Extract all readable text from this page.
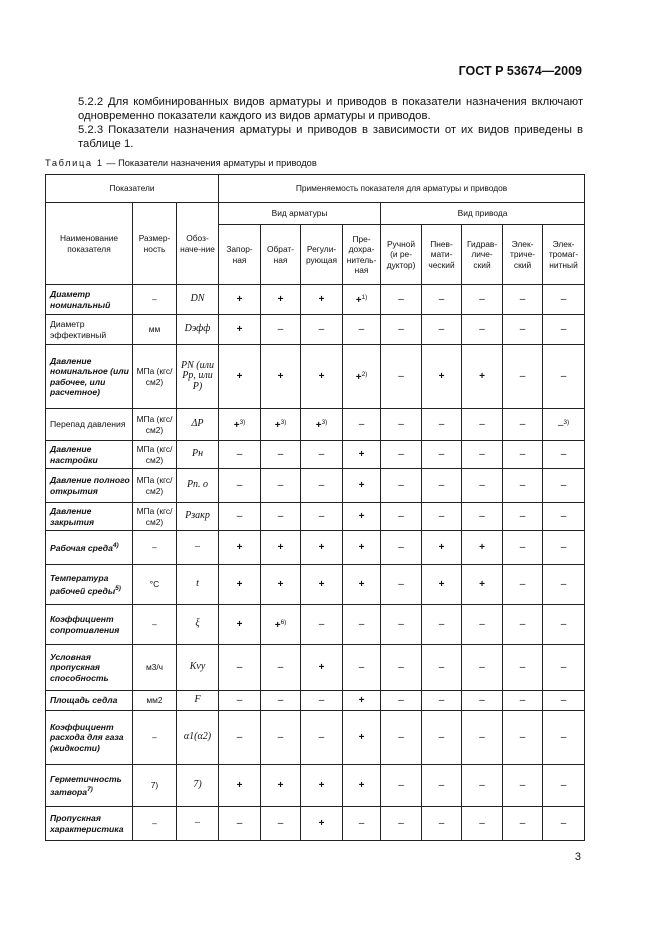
ГОСТ Р 53674—2009
5.2.2 Для комбинированных видов арматуры и приводов в показатели назначения включают одновременно показатели каждого из видов арматуры и приводов.
5.2.3 Показатели назначения арматуры и приводов в зависимости от их видов приведены в таблице 1.
Таблица 1 — Показатели назначения арматуры и приводов
Показатели			Применяемость показателя для арматуры и приводов								
Наименование показателя	Размер-ность	Обоз-наче-ние	Вид арматуры				Вид привода				
			Запор-ная	Обрат-ная	Регули-рующая	Пре-дохра-нитель-ная	Ручной (и ре-дуктор)	Пнев-мати-ческий	Гидрав-личе-ский	Элек-триче-ский	Элек-тромаг-нитный
Диаметр номинальный	–	DN	+	+	+	+$^{1)}$	–	–	–	–	–
Диаметр эффективный	мм	Dэфф	+	–	–	–	–	–	–	–	–
Давление номинальное (или рабочее, или расчетное)	МПа (кгс/см2)	PN (или Pр, или P)	+	+	+	+$^{2)}$	–	+	+	–	–
Перепад давления	МПа (кгс/см2)	ΔP	+$^{3)}$	+$^{3)}$	+$^{3)}$	–	–	–	–	–	–$^{3)}$
Давление настройки	МПа (кгс/см2)	Pн	–	–	–	+	–	–	–	–	–
Давление полного открытия	МПа (кгс/см2)	Pп. о	–	–	–	+	–	–	–	–	–
Давление закрытия	МПа (кгс/см2)	Pзакр	–	–	–	+	–	–	–	–	–
Рабочая среда$^{4)}$	–	–	+	+	+	+	–	+	+	–	–
Температура рабочей среды$^{5)}$	°С	t	+	+	+	+	–	+	+	–	–
Коэффициент сопротивления	–	ξ	+	+$^{6)}$	–	–	–	–	–	–	–
Условная пропускная способность	м3/ч	Kvy	–	–	+	–	–	–	–	–	–
Площадь седла	мм2	F	–	–	–	+	–	–	–	–	–
Коэффициент расхода для газа (жидкости)	–	α1(α2)	–	–	–	+	–	–	–	–	–
Герметичность затвора$^{7)}$	7)	7)	+	+	+	+	–	–	–	–	–
Пропускная характеристика	–	–	–	–	+	–	–	–	–	–	–
3
